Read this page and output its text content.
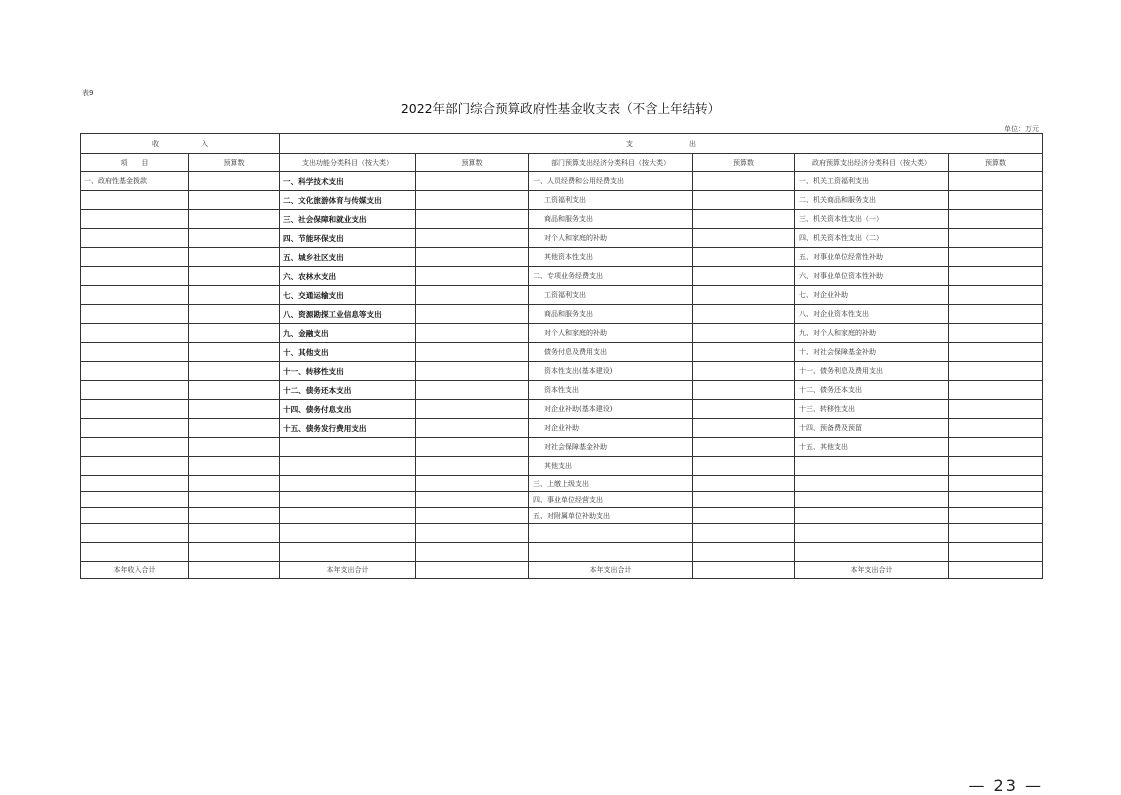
表9
2022年部门综合预算政府性基金收支表（不含上年结转）
单位：万元
收　　　　　　入		支　　　　　　　　出					
项　　目	预算数	支出功能分类科目（按大类）	预算数	部门预算支出经济分类科目（按大类）	预算数	政府预算支出经济分类科目（按大类）	预算数
一、政府性基金拨款		一、科学技术支出		一、人员经费和公用经费支出		一、机关工资福利支出	
		二、文化旅游体育与传媒支出		工资福利支出		二、机关商品和服务支出	
		三、社会保障和就业支出		商品和服务支出		三、机关资本性支出（一）	
		四、节能环保支出		对个人和家庭的补助		四、机关资本性支出（二）	
		五、城乡社区支出		其他资本性支出		五、对事业单位经常性补助	
		六、农林水支出		二、专项业务经费支出		六、对事业单位资本性补助	
		七、交通运输支出		工资福利支出		七、对企业补助	
		八、资源勘探工业信息等支出		商品和服务支出		八、对企业资本性支出	
		九、金融支出		对个人和家庭的补助		九、对个人和家庭的补助	
		十、其他支出		债务付息及费用支出		十、对社会保障基金补助	
		十一、转移性支出		资本性支出(基本建设)		十一、债务利息及费用支出	
		十二、债务还本支出		资本性支出		十二、债务还本支出	
		十四、债务付息支出		对企业补助(基本建设)		十三、转移性支出	
		十五、债务发行费用支出		对企业补助		十四、预备费及预留	
				对社会保障基金补助		十五、其他支出	
				其他支出			
				三、上缴上级支出			
				四、事业单位经营支出			
				五、对附属单位补助支出			

本年收入合计		本年支出合计		本年支出合计		本年支出合计	
— 23 —
